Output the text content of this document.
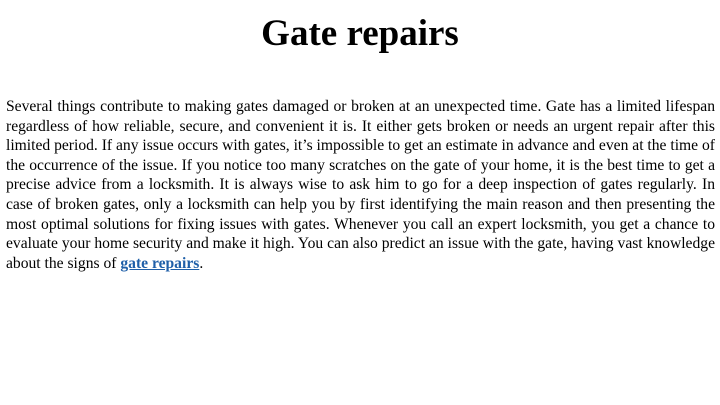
Gate repairs

Several things contribute to making gates damaged or broken at an unexpected time. Gate has a limited lifespan regardless of how reliable, secure, and convenient it is. It either gets broken or needs an urgent repair after this limited period. If any issue occurs with gates, it’s impossible to get an estimate in advance and even at the time of the occurrence of the issue. If you notice too many scratches on the gate of your home, it is the best time to get a precise advice from a locksmith. It is always wise to ask him to go for a deep inspection of gates regularly. In case of broken gates, only a locksmith can help you by first identifying the main reason and then presenting the most optimal solutions for fixing issues with gates. Whenever you call an expert locksmith, you get a chance to evaluate your home security and make it high. You can also predict an issue with the gate, having vast knowledge about the signs of gate repairs.
